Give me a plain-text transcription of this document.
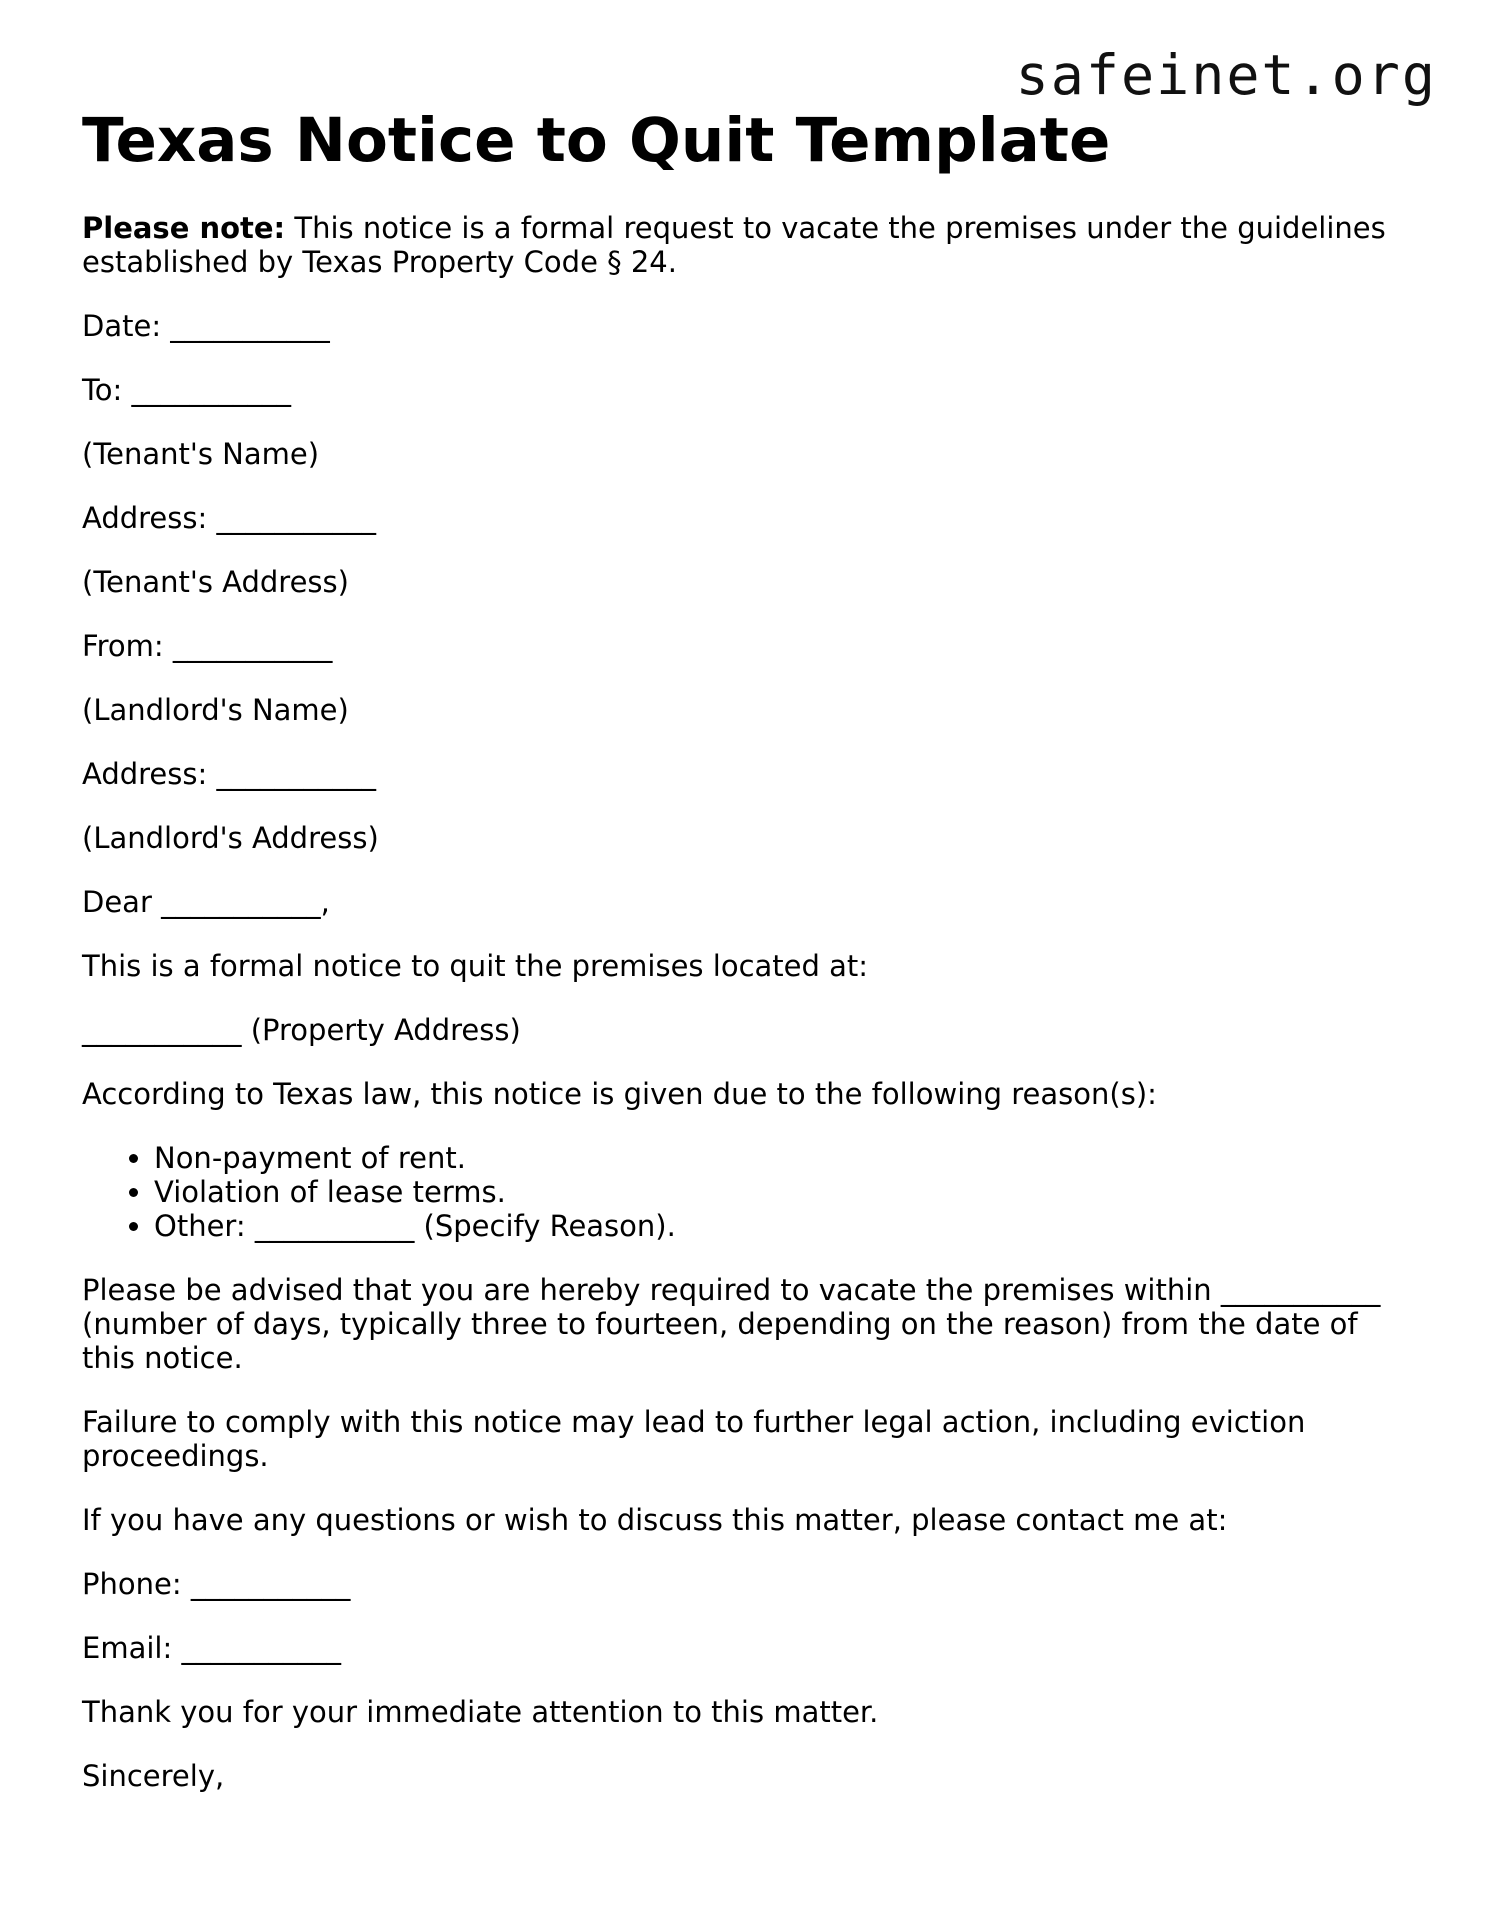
safeinet.org
Texas Notice to Quit Template

Please note: This notice is a formal request to vacate the premises under the guidelines established by Texas Property Code § 24.

Date: ___________

To: ___________

(Tenant's Name)

Address: ___________

(Tenant's Address)

From: ___________

(Landlord's Name)

Address: ___________

(Landlord's Address)

Dear ___________,

This is a formal notice to quit the premises located at:

___________ (Property Address)

According to Texas law, this notice is given due to the following reason(s):

• Non-payment of rent.
• Violation of lease terms.
• Other: ___________ (Specify Reason).

Please be advised that you are hereby required to vacate the premises within ___________ (number of days, typically three to fourteen, depending on the reason) from the date of this notice.

Failure to comply with this notice may lead to further legal action, including eviction proceedings.

If you have any questions or wish to discuss this matter, please contact me at:

Phone: ___________

Email: ___________

Thank you for your immediate attention to this matter.

Sincerely,
